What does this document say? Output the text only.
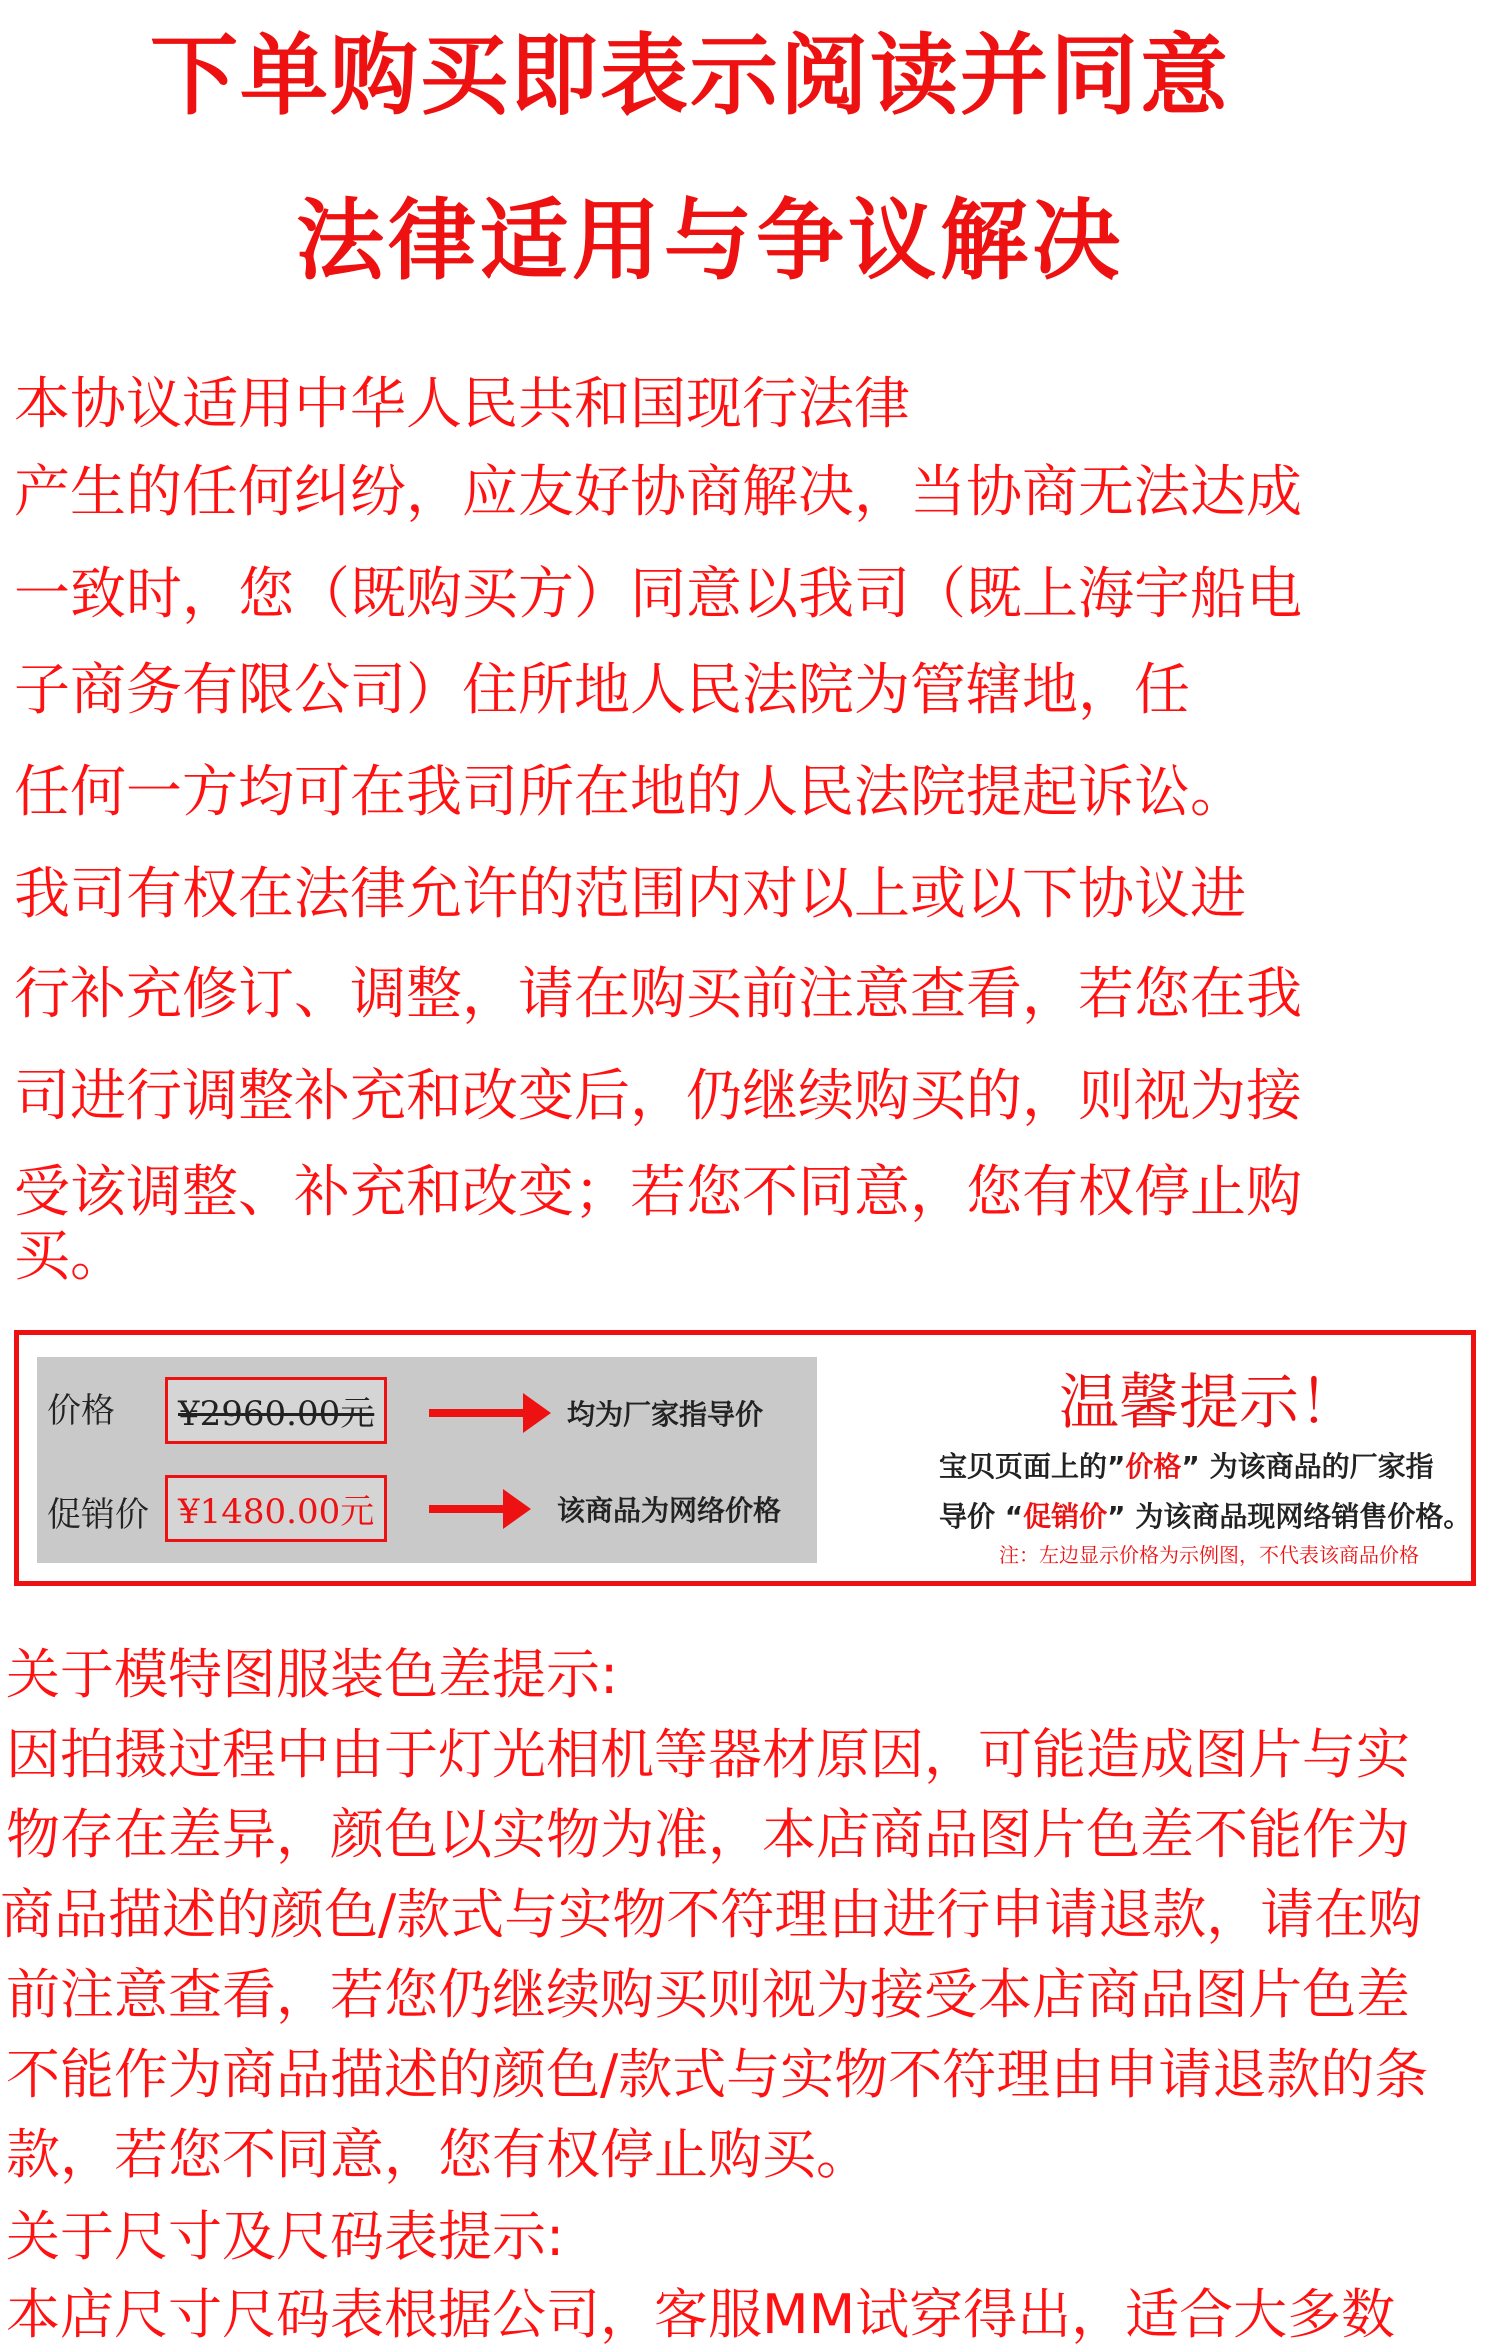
下单购买即表示阅读并同意
法律适用与争议解决
本协议适用中华人民共和国现行法律
产生的任何纠纷，应友好协商解决，当协商无法达成
一致时，您（既购买方）同意以我司（既上海宇船电
子商务有限公司）住所地人民法院为管辖地，任
任何一方均可在我司所在地的人民法院提起诉讼。
我司有权在法律允许的范围内对以上或以下协议进
行补充修订、调整，请在购买前注意查看，若您在我
司进行调整补充和改变后，仍继续购买的，则视为接
受该调整、补充和改变；若您不同意，您有权停止购
买。
价格	¥2960.00元	均为厂家指导价
促销价 ¥1480.00元	该商品为网络价格
温馨提示！
宝贝页面上的”价格” 为该商品的厂家指
导价 “促销价” 为该商品现网络销售价格。
注：左边显示价格为示例图，不代表该商品价格
关于模特图服装色差提示:
因拍摄过程中由于灯光相机等器材原因，可能造成图片与实
物存在差异，颜色以实物为准，本店商品图片色差不能作为
商品描述的颜色/款式与实物不符理由进行申请退款，请在购
前注意查看，若您仍继续购买则视为接受本店商品图片色差
不能作为商品描述的颜色/款式与实物不符理由申请退款的条
款，若您不同意，您有权停止购买。
关于尺寸及尺码表提示:
本店尺寸尺码表根据公司，客服MM试穿得出，适合大多数
